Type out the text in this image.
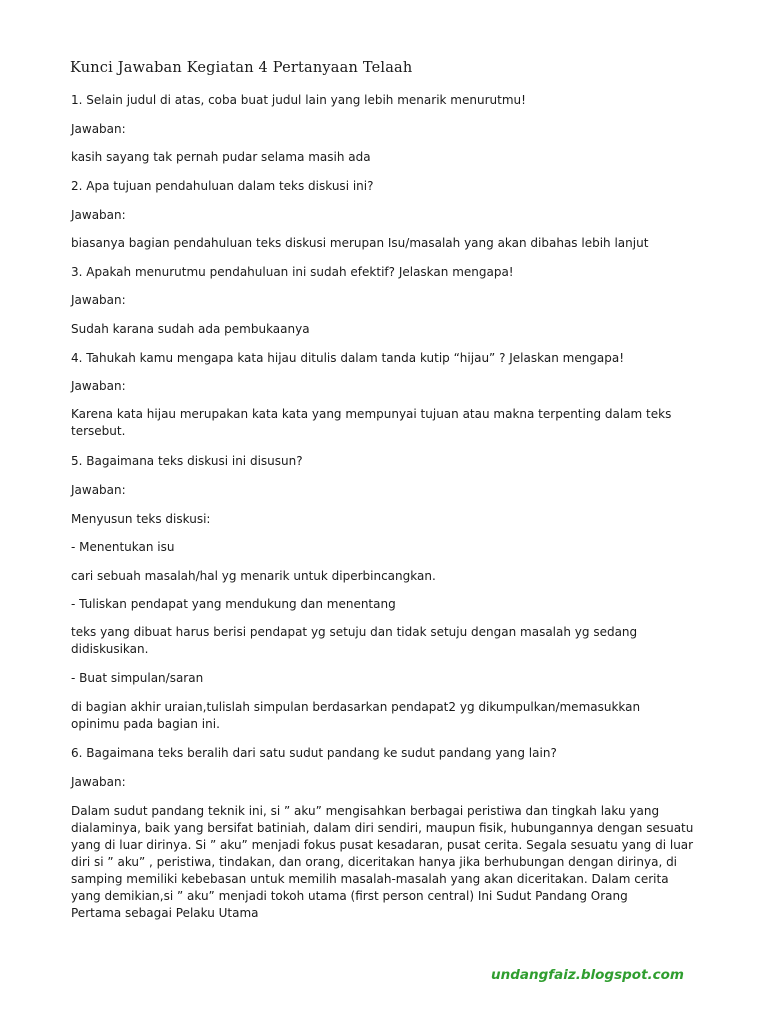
Kunci Jawaban Kegiatan 4 Pertanyaan Telaah
1. Selain judul di atas, coba buat judul lain yang lebih menarik menurutmu!
Jawaban:
kasih sayang tak pernah pudar selama masih ada
2. Apa tujuan pendahuluan dalam teks diskusi ini?
Jawaban:
biasanya bagian pendahuluan teks diskusi merupan Isu/masalah yang akan dibahas lebih lanjut
3. Apakah menurutmu pendahuluan ini sudah efektif? Jelaskan mengapa!
Jawaban:
Sudah karana sudah ada pembukaanya
4. Tahukah kamu mengapa kata hijau ditulis dalam tanda kutip “hijau” ? Jelaskan mengapa!
Jawaban:
Karena kata hijau merupakan kata kata yang mempunyai tujuan atau makna terpenting dalam teks
tersebut.
5. Bagaimana teks diskusi ini disusun?
Jawaban:
Menyusun teks diskusi:
- Menentukan isu
cari sebuah masalah/hal yg menarik untuk diperbincangkan.
- Tuliskan pendapat yang mendukung dan menentang
teks yang dibuat harus berisi pendapat yg setuju dan tidak setuju dengan masalah yg sedang
didiskusikan.
- Buat simpulan/saran
di bagian akhir uraian,tulislah simpulan berdasarkan pendapat2 yg dikumpulkan/memasukkan
opinimu pada bagian ini.
6. Bagaimana teks beralih dari satu sudut pandang ke sudut pandang yang lain?
Jawaban:
Dalam sudut pandang teknik ini, si ” aku” mengisahkan berbagai peristiwa dan tingkah laku yang
dialaminya, baik yang bersifat batiniah, dalam diri sendiri, maupun fisik, hubungannya dengan sesuatu
yang di luar dirinya. Si ” aku” menjadi fokus pusat kesadaran, pusat cerita. Segala sesuatu yang di luar
diri si ” aku” , peristiwa, tindakan, dan orang, diceritakan hanya jika berhubungan dengan dirinya, di
samping memiliki kebebasan untuk memilih masalah-masalah yang akan diceritakan. Dalam cerita
yang demikian,si ” aku” menjadi tokoh utama (first person central) Ini Sudut Pandang Orang
Pertama sebagai Pelaku Utama
undangfaiz.blogspot.com
